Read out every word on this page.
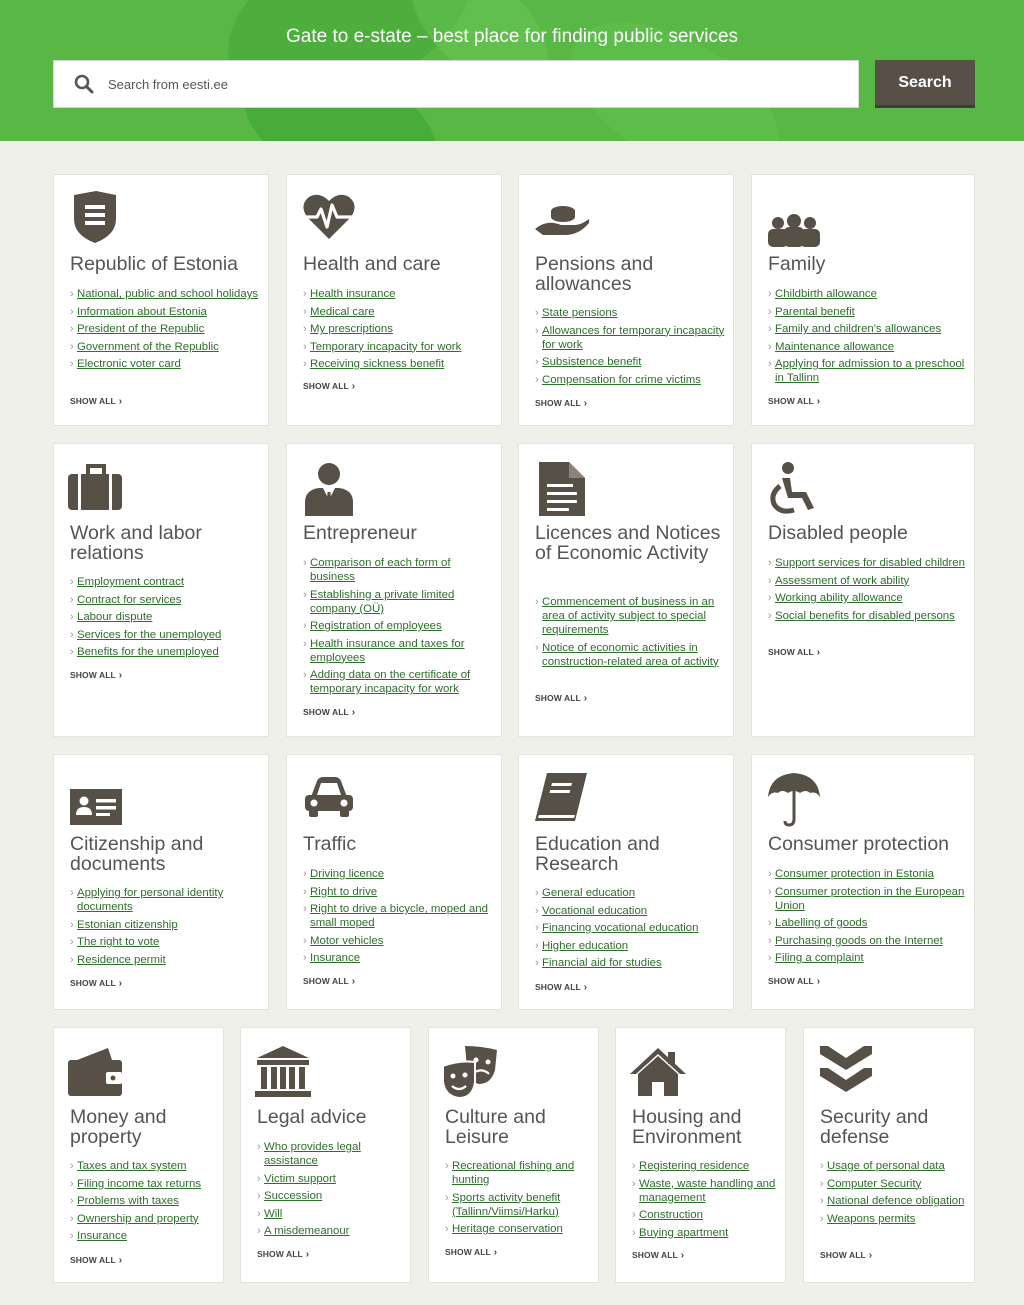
Gate to e-state – best place for finding public services
Search from eesti.ee
Search
Republic of Estonia
› National, public and school holidays
› Information about Estonia
› President of the Republic
› Government of the Republic
› Electronic voter card
SHOW ALL ›
Health and care
› Health insurance
› Medical care
› My prescriptions
› Temporary incapacity for work
› Receiving sickness benefit
SHOW ALL ›
Pensions and allowances
› State pensions
› Allowances for temporary incapacity for work
› Subsistence benefit
› Compensation for crime victims
SHOW ALL ›
Family
› Childbirth allowance
› Parental benefit
› Family and children's allowances
› Maintenance allowance
› Applying for admission to a preschool in Tallinn
SHOW ALL ›
Work and labor relations
› Employment contract
› Contract for services
› Labour dispute
› Services for the unemployed
› Benefits for the unemployed
SHOW ALL ›
Entrepreneur
› Comparison of each form of business
› Establishing a private limited company (OÜ)
› Registration of employees
› Health insurance and taxes for employees
› Adding data on the certificate of temporary incapacity for work
SHOW ALL ›
Licences and Notices of Economic Activity
› Commencement of business in an area of activity subject to special requirements
› Notice of economic activities in construction-related area of activity
SHOW ALL ›
Disabled people
› Support services for disabled children
› Assessment of work ability
› Working ability allowance
› Social benefits for disabled persons
SHOW ALL ›
Citizenship and documents
› Applying for personal identity documents
› Estonian citizenship
› The right to vote
› Residence permit
SHOW ALL ›
Traffic
› Driving licence
› Right to drive
› Right to drive a bicycle, moped and small moped
› Motor vehicles
› Insurance
SHOW ALL ›
Education and Research
› General education
› Vocational education
› Financing vocational education
› Higher education
› Financial aid for studies
SHOW ALL ›
Consumer protection
› Consumer protection in Estonia
› Consumer protection in the European Union
› Labelling of goods
› Purchasing goods on the Internet
› Filing a complaint
SHOW ALL ›
Money and property
› Taxes and tax system
› Filing income tax returns
› Problems with taxes
› Ownership and property
› Insurance
SHOW ALL ›
Legal advice
› Who provides legal assistance
› Victim support
› Succession
› Will
› A misdemeanour
SHOW ALL ›
Culture and Leisure
› Recreational fishing and hunting
› Sports activity benefit (Tallinn/Viimsi/Harku)
› Heritage conservation
SHOW ALL ›
Housing and Environment
› Registering residence
› Waste, waste handling and management
› Construction
› Buying apartment
SHOW ALL ›
Security and defense
› Usage of personal data
› Computer Security
› National defence obligation
› Weapons permits
SHOW ALL ›
